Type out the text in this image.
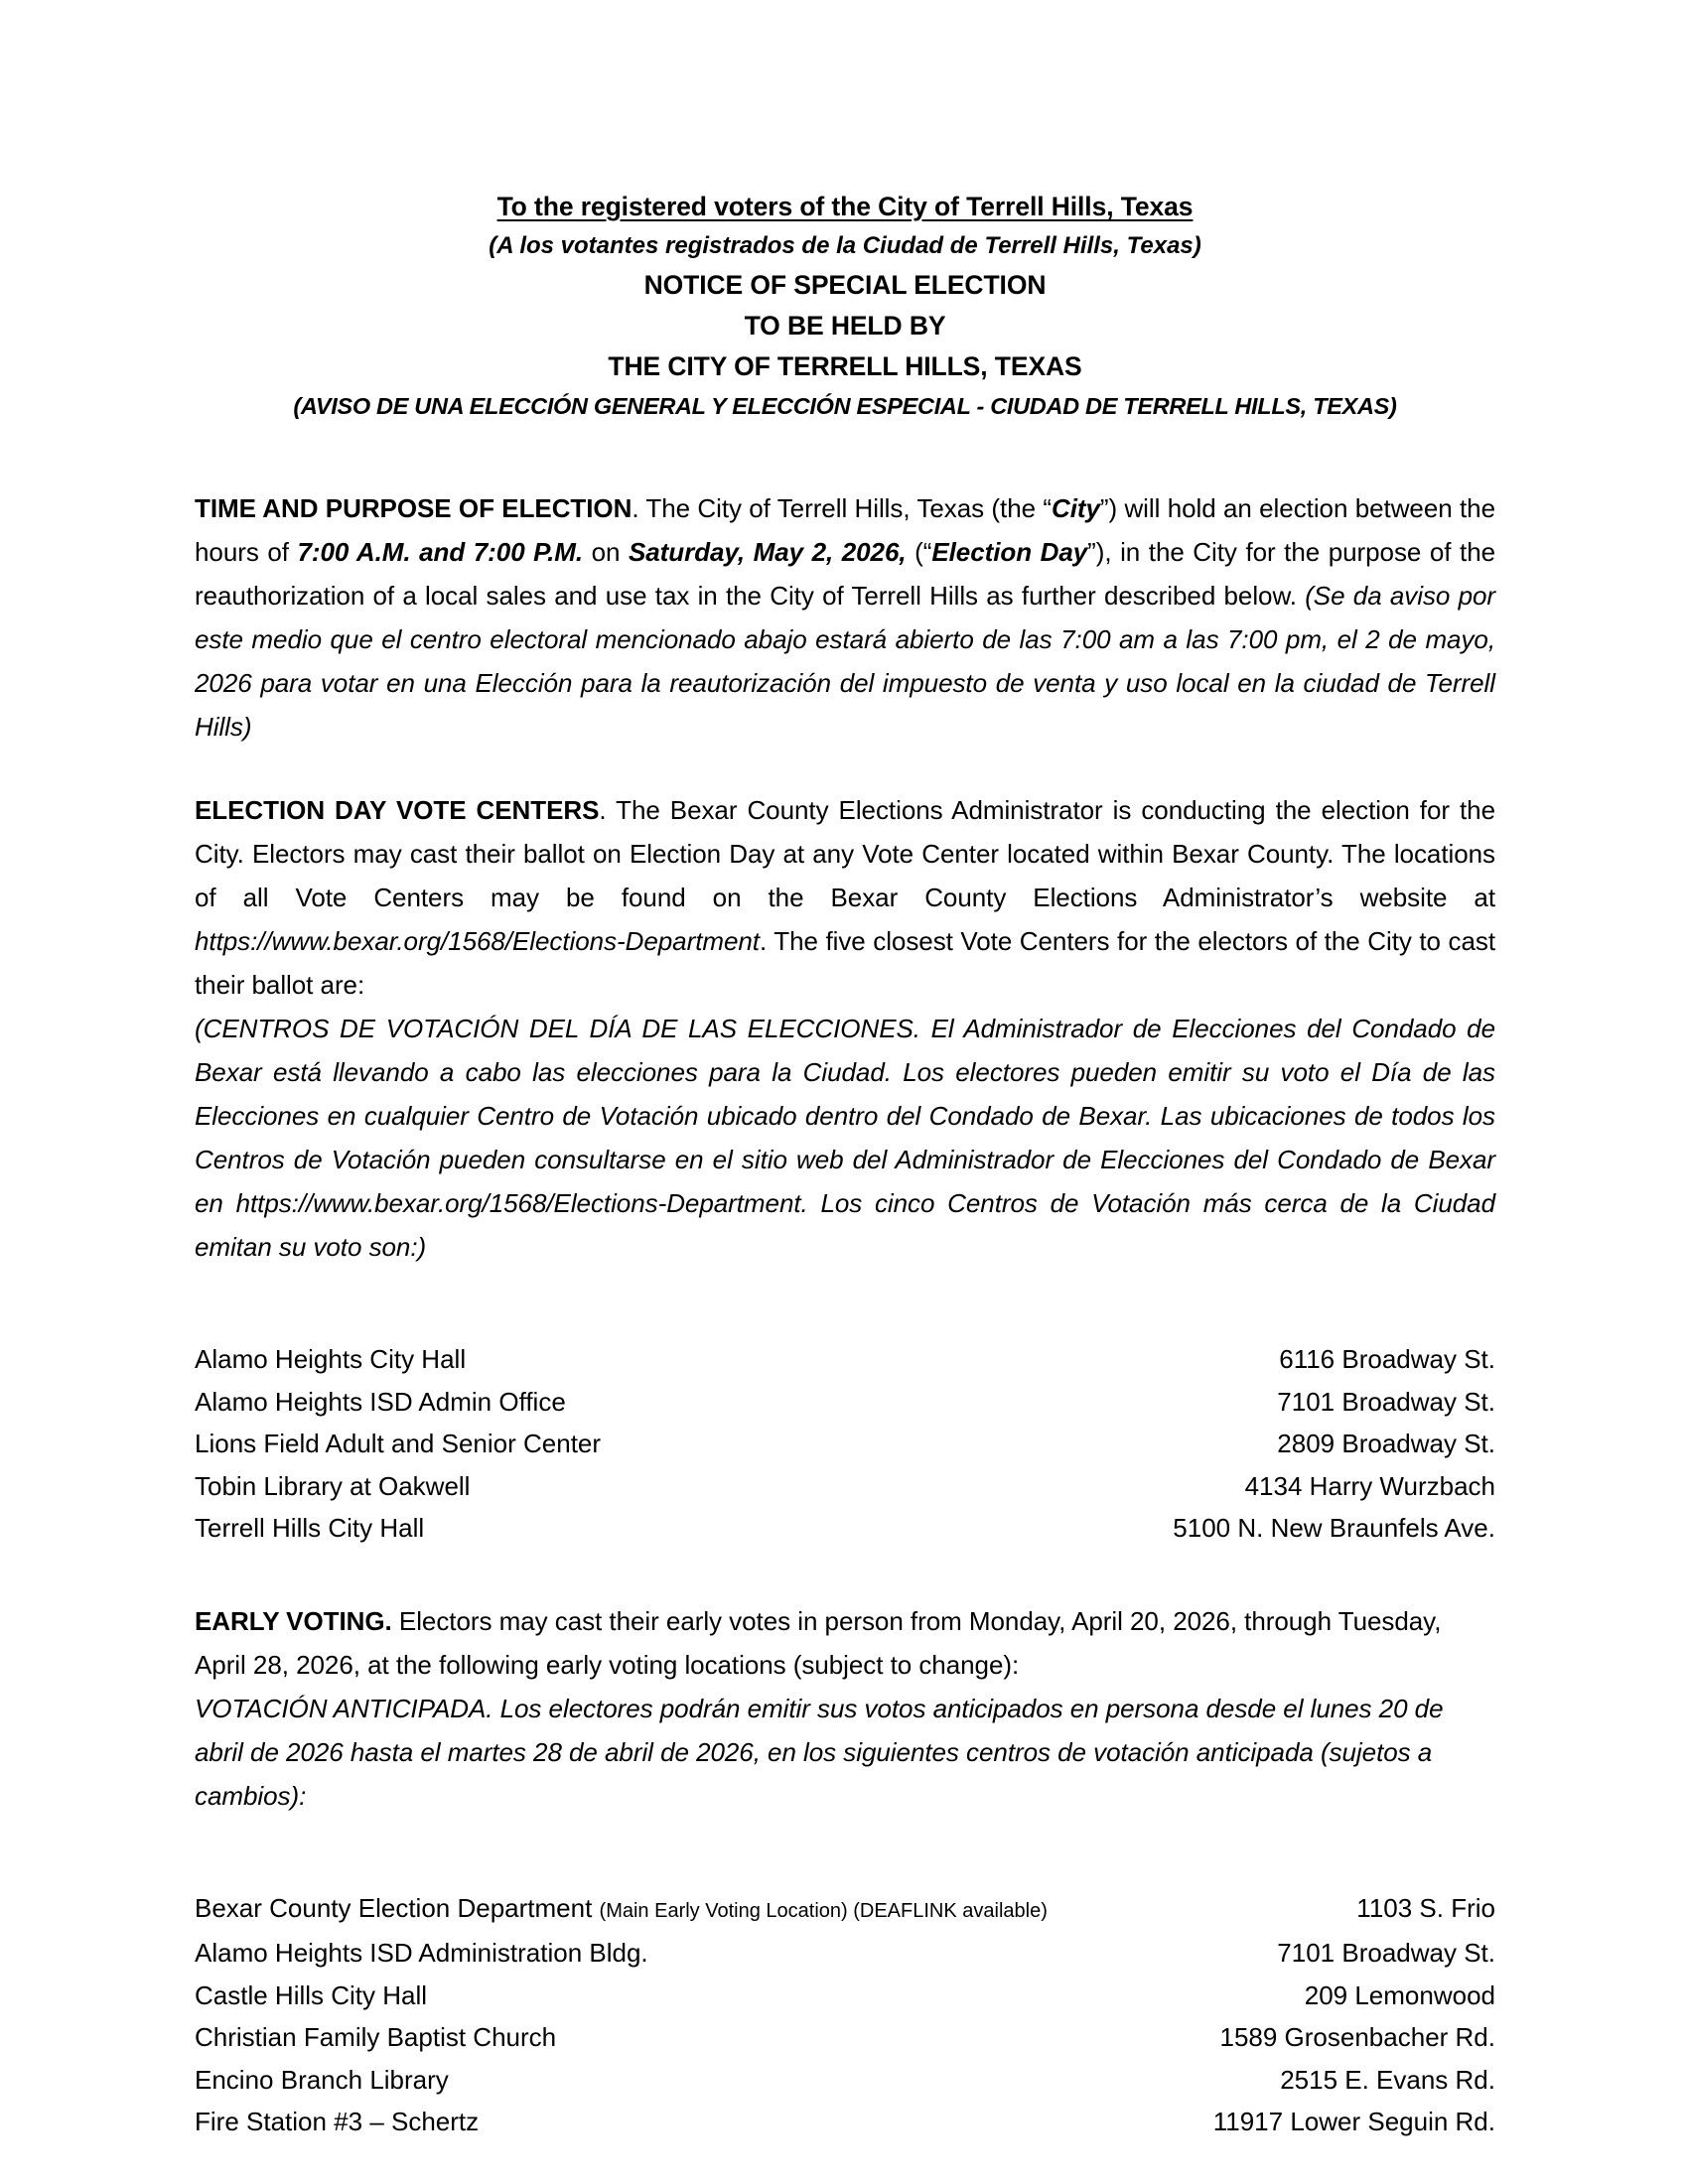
To the registered voters of the City of Terrell Hills, Texas
(A los votantes registrados de la Ciudad de Terrell Hills, Texas)
NOTICE OF SPECIAL ELECTION
TO BE HELD BY
THE CITY OF TERRELL HILLS, TEXAS
(AVISO DE UNA ELECCIÓN GENERAL Y ELECCIÓN ESPECIAL - CIUDAD DE TERRELL HILLS, TEXAS)
TIME AND PURPOSE OF ELECTION. The City of Terrell Hills, Texas (the “City”) will hold an election between the hours of 7:00 A.M. and 7:00 P.M. on Saturday, May 2, 2026, (“Election Day”), in the City for the purpose of the reauthorization of a local sales and use tax in the City of Terrell Hills as further described below. (Se da aviso por este medio que el centro electoral mencionado abajo estará abierto de las 7:00 am a las 7:00 pm, el 2 de mayo, 2026 para votar en una Elección para la reautorización del impuesto de venta y uso local en la ciudad de Terrell Hills)
ELECTION DAY VOTE CENTERS. The Bexar County Elections Administrator is conducting the election for the City. Electors may cast their ballot on Election Day at any Vote Center located within Bexar County. The locations of all Vote Centers may be found on the Bexar County Elections Administrator’s website at https://www.bexar.org/1568/Elections-Department. The five closest Vote Centers for the electors of the City to cast their ballot are:
(CENTROS DE VOTACIÓN DEL DÍA DE LAS ELECCIONES. El Administrador de Elecciones del Condado de Bexar está llevando a cabo las elecciones para la Ciudad. Los electores pueden emitir su voto el Día de las Elecciones en cualquier Centro de Votación ubicado dentro del Condado de Bexar. Las ubicaciones de todos los Centros de Votación pueden consultarse en el sitio web del Administrador de Elecciones del Condado de Bexar en https://www.bexar.org/1568/Elections-Department. Los cinco Centros de Votación más cerca de la Ciudad emitan su voto son:)
Alamo Heights City Hall	6116 Broadway St.
Alamo Heights ISD Admin Office	7101 Broadway St.
Lions Field Adult and Senior Center	2809 Broadway St.
Tobin Library at Oakwell	4134 Harry Wurzbach
Terrell Hills City Hall	5100 N. New Braunfels Ave.
EARLY VOTING. Electors may cast their early votes in person from Monday, April 20, 2026, through Tuesday, April 28, 2026, at the following early voting locations (subject to change):
VOTACIÓN ANTICIPADA. Los electores podrán emitir sus votos anticipados en persona desde el lunes 20 de abril de 2026 hasta el martes 28 de abril de 2026, en los siguientes centros de votación anticipada (sujetos a cambios):
Bexar County Election Department (Main Early Voting Location) (DEAFLINK available)	1103 S. Frio
Alamo Heights ISD Administration Bldg.	7101 Broadway St.
Castle Hills City Hall	209 Lemonwood
Christian Family Baptist Church	1589 Grosenbacher Rd.
Encino Branch Library	2515 E. Evans Rd.
Fire Station #3 – Schertz	11917 Lower Seguin Rd.
